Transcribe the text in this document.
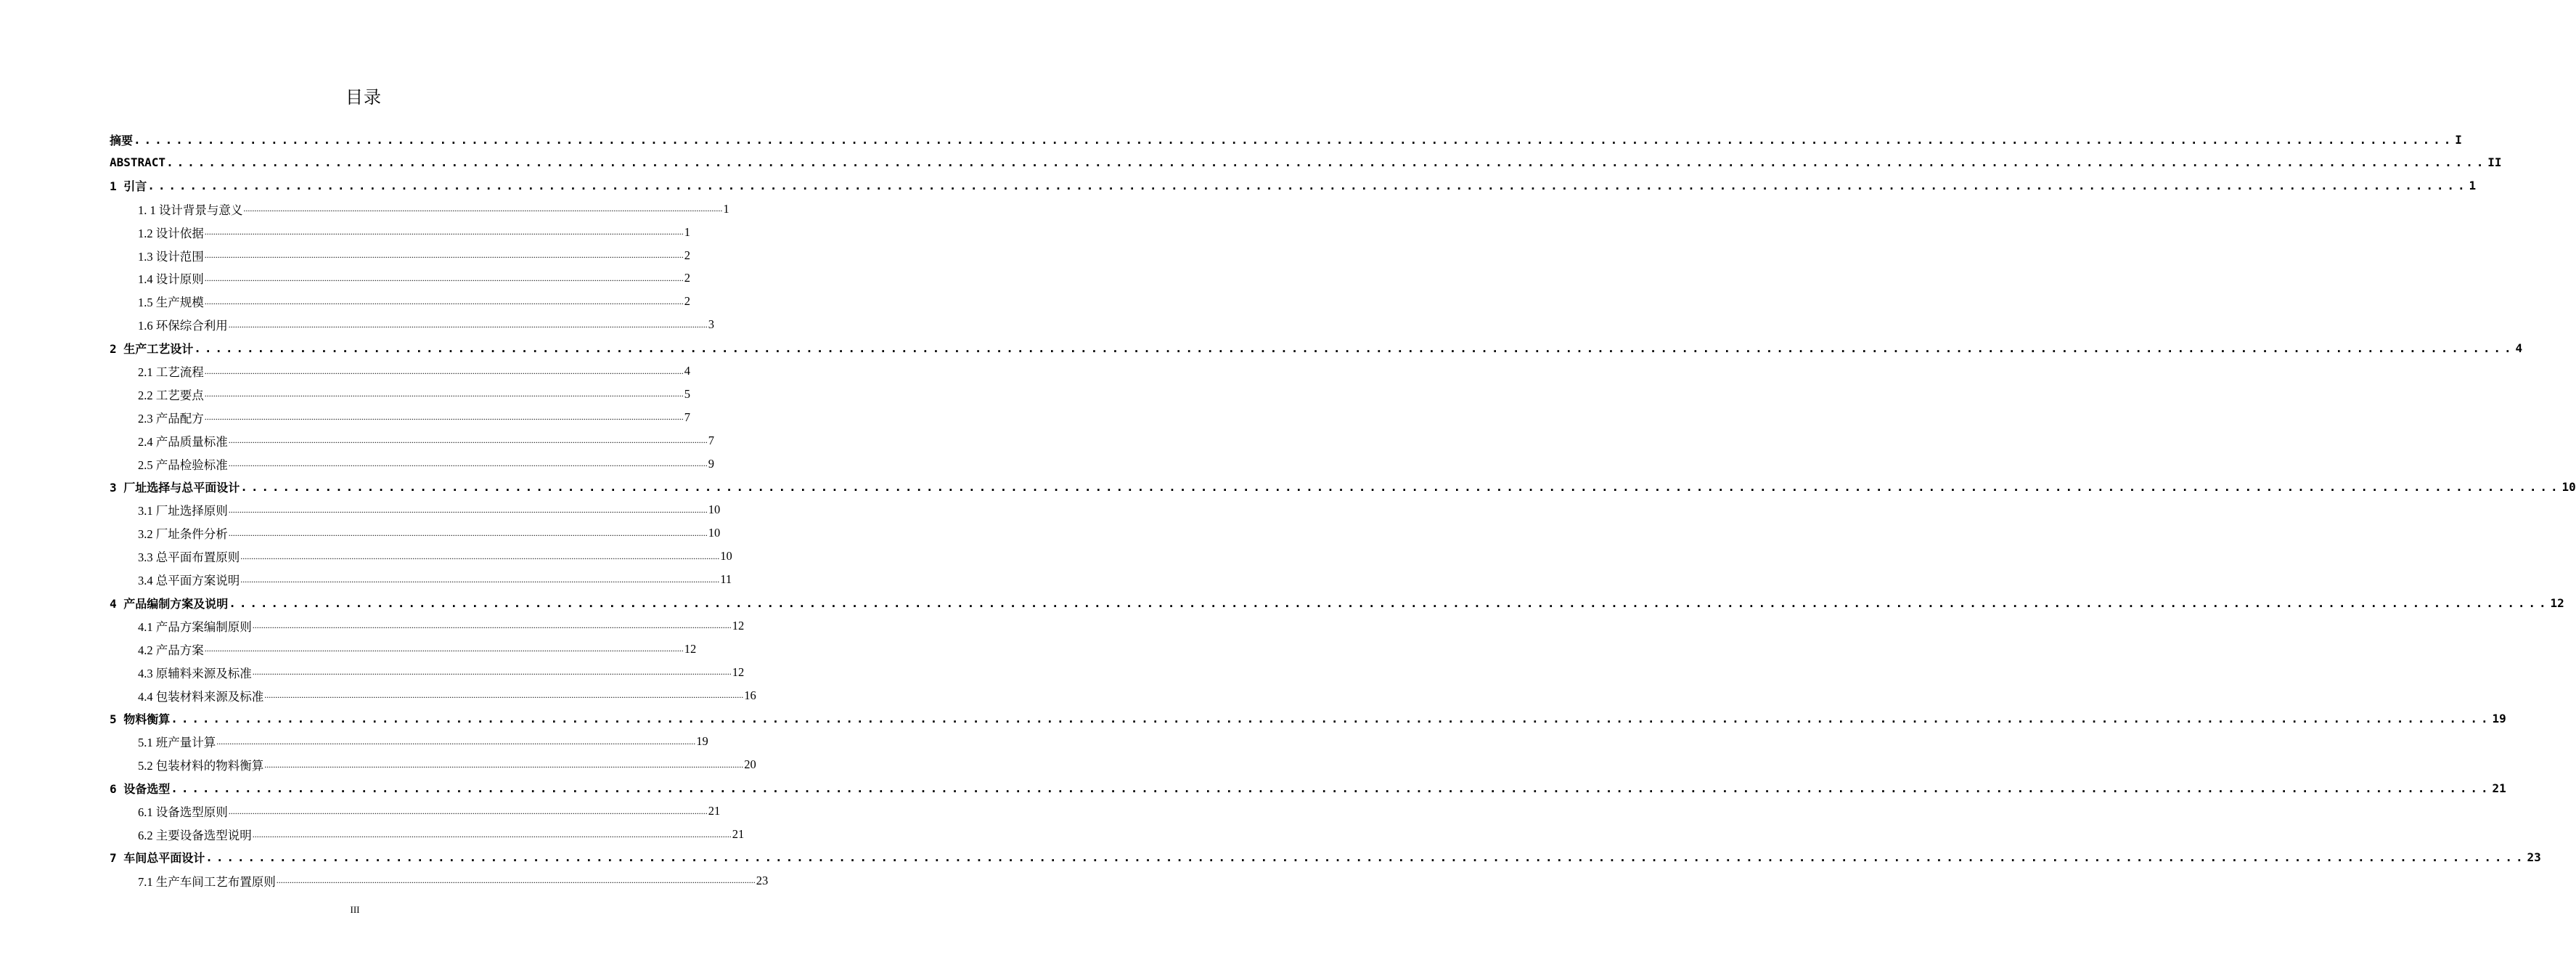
目录
摘要 ............................................................................................................................................................................................................................ I
ABSTRACT ............................................................................................................................................................................................................................ II
1 引言 ............................................................................................................................................................................................................................ 1
1. 1 设计背景与意义 ............................................................................................................................................................................................................................ 1
1.2 设计依据 ............................................................................................................................................................................................................................ 1
1.3 设计范围 ............................................................................................................................................................................................................................ 2
1.4 设计原则 ............................................................................................................................................................................................................................ 2
1.5 生产规模 ............................................................................................................................................................................................................................ 2
1.6 环保综合利用 ............................................................................................................................................................................................................................ 3
2 生产工艺设计 ............................................................................................................................................................................................................................ 4
2.1 工艺流程 ............................................................................................................................................................................................................................ 4
2.2 工艺要点 ............................................................................................................................................................................................................................ 5
2.3 产品配方 ............................................................................................................................................................................................................................ 7
2.4 产品质量标准 ............................................................................................................................................................................................................................ 7
2.5 产品检验标准 ............................................................................................................................................................................................................................ 9
3 厂址选择与总平面设计 ............................................................................................................................................................................................................................ 10
3.1 厂址选择原则 ............................................................................................................................................................................................................................ 10
3.2 厂址条件分析 ............................................................................................................................................................................................................................ 10
3.3 总平面布置原则 ............................................................................................................................................................................................................................ 10
3.4 总平面方案说明 ............................................................................................................................................................................................................................ 11
4 产品编制方案及说明 ............................................................................................................................................................................................................................ 12
4.1 产品方案编制原则 ............................................................................................................................................................................................................................ 12
4.2 产品方案 ............................................................................................................................................................................................................................ 12
4.3 原辅料来源及标准 ............................................................................................................................................................................................................................ 12
4.4 包装材料来源及标准 ............................................................................................................................................................................................................................ 16
5 物料衡算 ............................................................................................................................................................................................................................ 19
5.1 班产量计算 ............................................................................................................................................................................................................................ 19
5.2 包装材料的物料衡算 ............................................................................................................................................................................................................................ 20
6 设备选型 ............................................................................................................................................................................................................................ 21
6.1 设备选型原则 ............................................................................................................................................................................................................................ 21
6.2 主要设备选型说明 ............................................................................................................................................................................................................................ 21
7 车间总平面设计 ............................................................................................................................................................................................................................ 23
7.1 生产车间工艺布置原则 ............................................................................................................................................................................................................................ 23
III
